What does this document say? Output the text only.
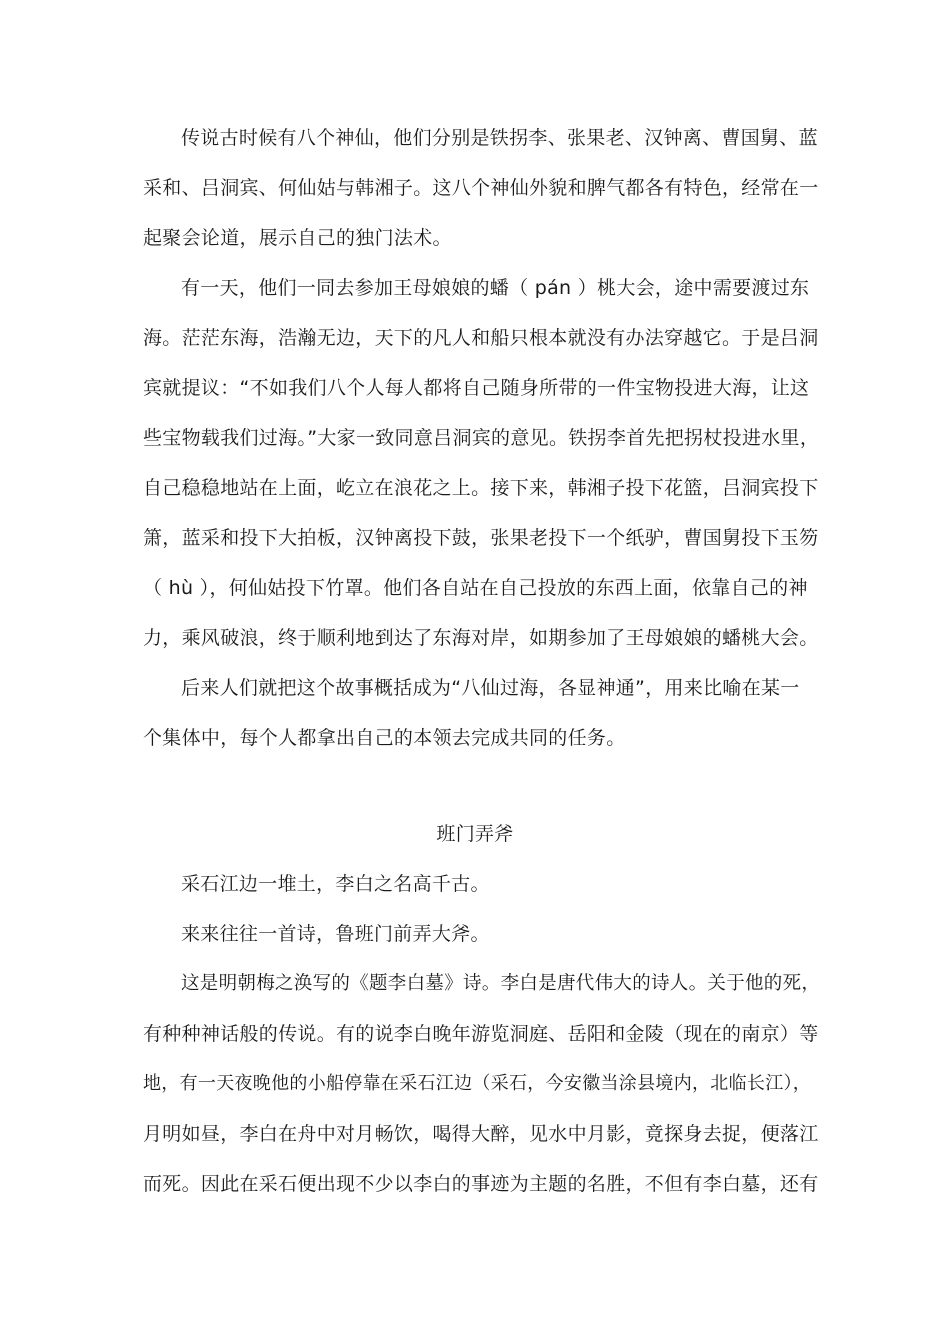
传说古时候有八个神仙，他们分别是铁拐李、张果老、汉钟离、曹国舅、蓝
采和、吕洞宾、何仙姑与韩湘子。这八个神仙外貌和脾气都各有特色，经常在一
起聚会论道，展示自己的独门法术。
有一天，他们一同去参加王母娘娘的蟠（ pán ）桃大会，途中需要渡过东
海。茫茫东海，浩瀚无边，天下的凡人和船只根本就没有办法穿越它。于是吕洞
宾就提议：“不如我们八个人每人都将自己随身所带的一件宝物投进大海，让这
些宝物载我们过海。”大家一致同意吕洞宾的意见。铁拐李首先把拐杖投进水里，
自己稳稳地站在上面，屹立在浪花之上。接下来，韩湘子投下花篮，吕洞宾投下
箫，蓝采和投下大拍板，汉钟离投下鼓，张果老投下一个纸驴，曹国舅投下玉笏
（ hù ），何仙姑投下竹罩。他们各自站在自己投放的东西上面，依靠自己的神
力，乘风破浪，终于顺利地到达了东海对岸，如期参加了王母娘娘的蟠桃大会。
后来人们就把这个故事概括成为“八仙过海，各显神通”，用来比喻在某一
个集体中，每个人都拿出自己的本领去完成共同的任务。
班门弄斧
采石江边一堆土，李白之名高千古。
来来往往一首诗，鲁班门前弄大斧。
这是明朝梅之涣写的《题李白墓》诗。李白是唐代伟大的诗人。关于他的死，
有种种神话般的传说。有的说李白晚年游览洞庭、岳阳和金陵（现在的南京）等
地，有一天夜晚他的小船停靠在采石江边（采石，今安徽当涂县境内，北临长江），
月明如昼，李白在舟中对月畅饮，喝得大醉，见水中月影，竟探身去捉，便落江
而死。因此在采石便出现不少以李白的事迹为主题的名胜，不但有李白墓，还有
